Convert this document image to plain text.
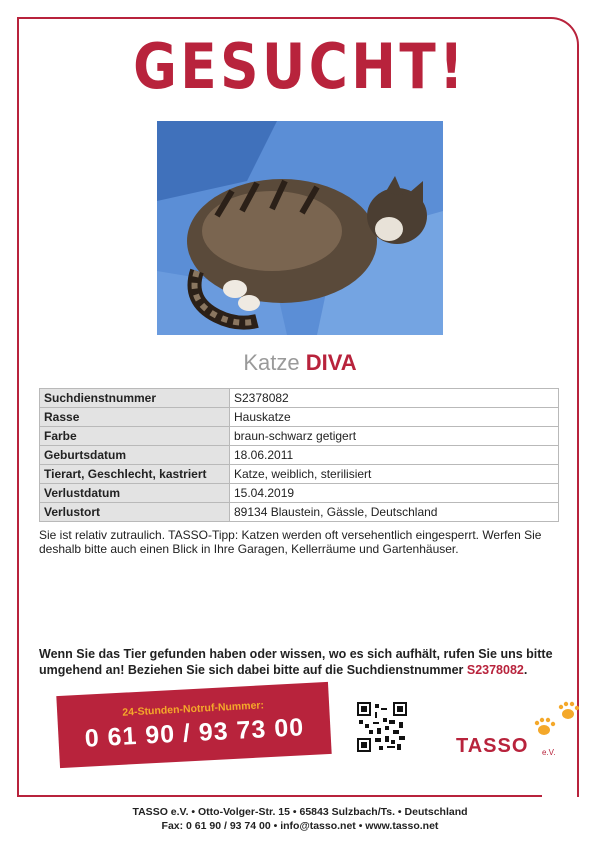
GESUCHT!
Katze DIVA
Suchdienstnummer	S2378082
Rasse	Hauskatze
Farbe	braun-schwarz getigert
Geburtsdatum	18.06.2011
Tierart, Geschlecht, kastriert	Katze, weiblich, sterilisiert
Verlustdatum	15.04.2019
Verlustort	89134 Blaustein, Gässle, Deutschland
Sie ist relativ zutraulich. TASSO-Tipp: Katzen werden oft versehentlich eingesperrt. Werfen Sie deshalb bitte auch einen Blick in Ihre Garagen, Kellerräume und Gartenhäuser.
Wenn Sie das Tier gefunden haben oder wissen, wo es sich aufhält, rufen Sie uns bitte umgehend an! Beziehen Sie sich dabei bitte auf die Suchdienstnummer S2378082.
24-Stunden-Notruf-Nummer:
0 61 90 / 93 73 00	TASSO e.V.
TASSO e.V. • Otto-Volger-Str. 15 • 65843 Sulzbach/Ts. • Deutschland
Fax: 0 61 90 / 93 74 00 • info@tasso.net • www.tasso.net
